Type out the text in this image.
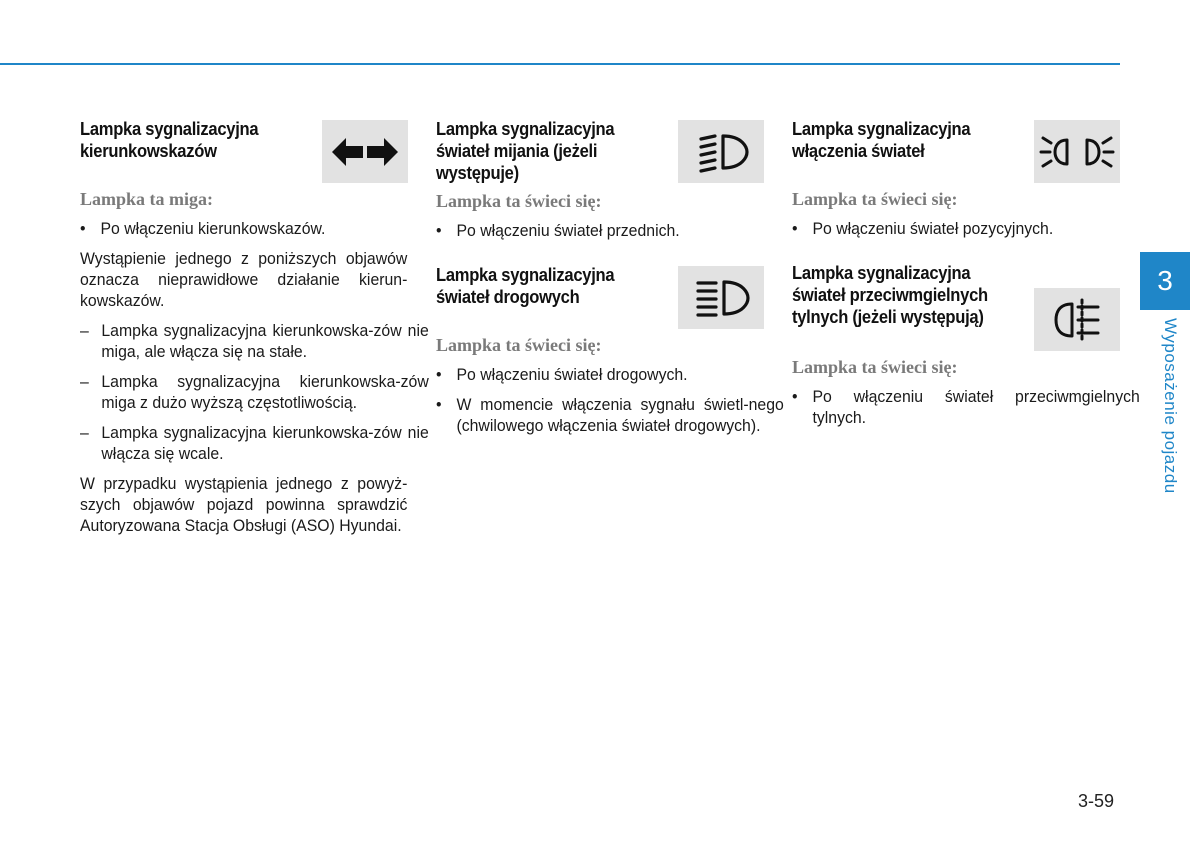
Lampka sygnalizacyjna kierunkowskazów
Lampka ta miga:
• Po włączeniu kierunkowskazów.
Wystąpienie jednego z poniższych objawów oznacza nieprawidłowe działanie kierun-kowskazów.
– Lampka sygnalizacyjna kierunkowska-zów nie miga, ale włącza się na stałe.
– Lampka sygnalizacyjna kierunkowska-zów miga z dużo wyższą częstotliwością.
– Lampka sygnalizacyjna kierunkowska-zów nie włącza się wcale.
W przypadku wystąpienia jednego z powyż-szych objawów pojazd powinna sprawdzić Autoryzowana Stacja Obsługi (ASO) Hyundai.
Lampka sygnalizacyjna świateł mijania (jeżeli występuje)
Lampka ta świeci się:
• Po włączeniu świateł przednich.
Lampka sygnalizacyjna świateł drogowych
Lampka ta świeci się:
• Po włączeniu świateł drogowych.
• W momencie włączenia sygnału świetl-nego (chwilowego włączenia świateł drogowych).
Lampka sygnalizacyjna włączenia świateł
Lampka ta świeci się:
• Po włączeniu świateł pozycyjnych.
Lampka sygnalizacyjna świateł przeciwmgielnych tylnych (jeżeli występują)
Lampka ta świeci się:
• Po włączeniu świateł przeciwmgielnych tylnych.
3
Wyposażenie pojazdu
3-59
